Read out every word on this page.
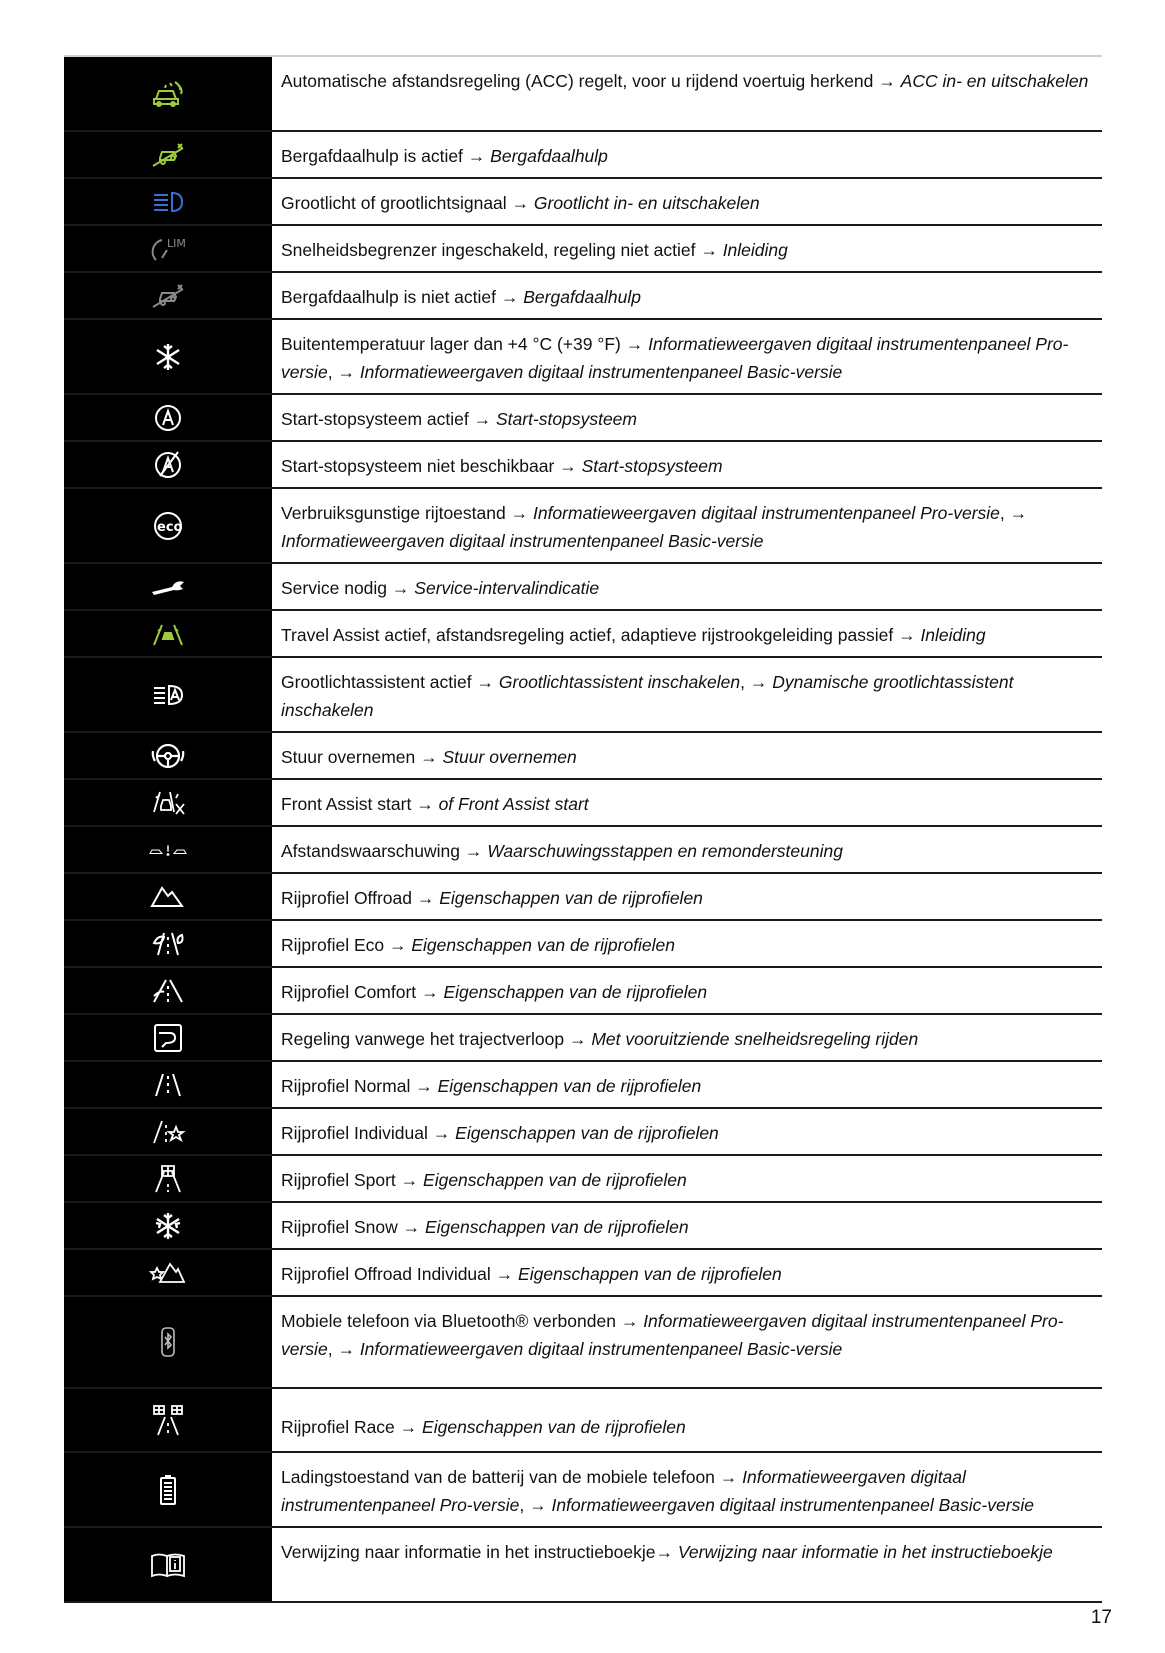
Automatische afstandsregeling (ACC) regelt, voor u rijdend voertuig herkend → ACC in- en uitschakelen
Bergafdaalhulp is actief → Bergafdaalhulp
Grootlicht of grootlichtsignaal → Grootlicht in- en uitschakelen
LIM	Snelheidsbegrenzer ingeschakeld, regeling niet actief → Inleiding
Bergafdaalhulp is niet actief → Bergafdaalhulp
Buitentemperatuur lager dan +4 °C (+39 °F) → Informatieweergaven digitaal instrumentenpaneel Pro-versie, → Informatieweergaven digitaal instrumentenpaneel Basic-versie
Start-stopsysteem actief → Start-stopsysteem
Start-stopsysteem niet beschikbaar → Start-stopsysteem
eco
Verbruiksgunstige rijtoestand → Informatieweergaven digitaal instrumentenpaneel Pro-versie, → Informatieweergaven digitaal instrumentenpaneel Basic-versie
Service nodig → Service-intervalindicatie
Travel Assist actief, afstandsregeling actief, adaptieve rijstrookgeleiding passief → Inleiding
Grootlichtassistent actief → Grootlichtassistent inschakelen, → Dynamische grootlichtassistent inschakelen
Stuur overnemen → Stuur overnemen
Front Assist start → of Front Assist start
Afstandswaarschuwing → Waarschuwingsstappen en remondersteuning
Rijprofiel Offroad → Eigenschappen van de rijprofielen
Rijprofiel Eco → Eigenschappen van de rijprofielen
Rijprofiel Comfort → Eigenschappen van de rijprofielen
Regeling vanwege het trajectverloop → Met vooruitziende snelheidsregeling rijden
Rijprofiel Normal → Eigenschappen van de rijprofielen
Rijprofiel Individual → Eigenschappen van de rijprofielen
Rijprofiel Sport → Eigenschappen van de rijprofielen
Rijprofiel Snow → Eigenschappen van de rijprofielen
Rijprofiel Offroad Individual → Eigenschappen van de rijprofielen
Mobiele telefoon via Bluetooth® verbonden → Informatieweergaven digitaal instrumentenpaneel Pro-versie, → Informatieweergaven digitaal instrumentenpaneel Basic-versie
Rijprofiel Race → Eigenschappen van de rijprofielen
Ladingstoestand van de batterij van de mobiele telefoon → Informatieweergaven digitaal instrumentenpaneel Pro-versie, → Informatieweergaven digitaal instrumentenpaneel Basic-versie
Verwijzing naar informatie in het instructieboekje→ Verwijzing naar informatie in het instructieboekje
17
